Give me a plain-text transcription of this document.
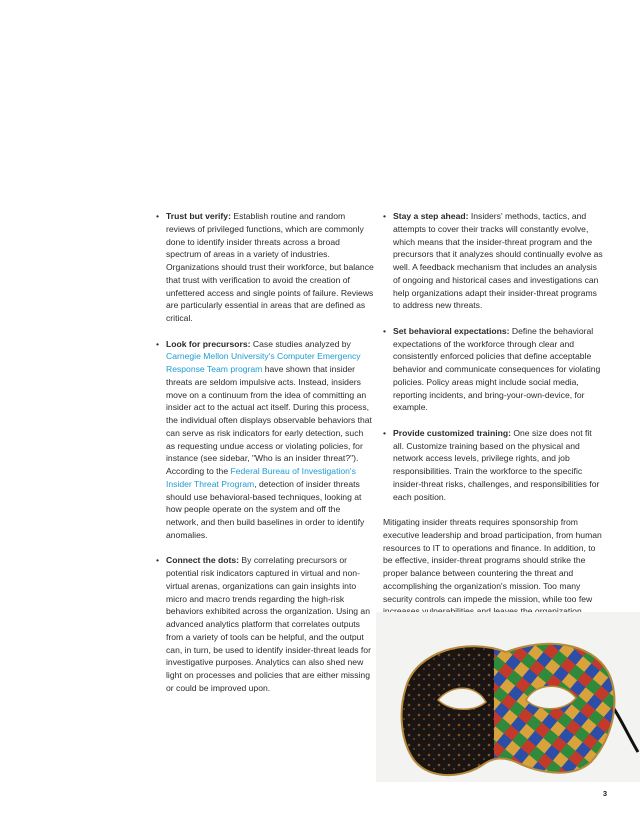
• Trust but verify: Establish routine and random reviews of privileged functions, which are commonly done to identify insider threats across a broad spectrum of areas in a variety of industries. Organizations should trust their workforce, but balance that trust with verification to avoid the creation of unfettered access and single points of failure. Reviews are particularly essential in areas that are defined as critical.
• Look for precursors: Case studies analyzed by Carnegie Mellon University's Computer Emergency Response Team program have shown that insider threats are seldom impulsive acts. Instead, insiders move on a continuum from the idea of committing an insider act to the actual act itself. During this process, the individual often displays observable behaviors that can serve as risk indicators for early detection, such as requesting undue access or violating policies, for instance (see sidebar, "Who is an insider threat?"). According to the Federal Bureau of Investigation's Insider Threat Program, detection of insider threats should use behavioral-based techniques, looking at how people operate on the system and off the network, and then build baselines in order to identify anomalies.
• Connect the dots: By correlating precursors or potential risk indicators captured in virtual and non-virtual arenas, organizations can gain insights into micro and macro trends regarding the high-risk behaviors exhibited across the organization. Using an advanced analytics platform that correlates outputs from a variety of tools can be helpful, and the output can, in turn, be used to identify insider-threat leads for investigative purposes. Analytics can also shed new light on processes and policies that are either missing or could be improved upon.
• Stay a step ahead: Insiders' methods, tactics, and attempts to cover their tracks will constantly evolve, which means that the insider-threat program and the precursors that it analyzes should continually evolve as well. A feedback mechanism that includes an analysis of ongoing and historical cases and investigations can help organizations adapt their insider-threat programs to address new threats.
• Set behavioral expectations: Define the behavioral expectations of the workforce through clear and consistently enforced policies that define acceptable behavior and communicate consequences for violating policies. Policy areas might include social media, reporting incidents, and bring-your-own-device, for example.
• Provide customized training: One size does not fit all. Customize training based on the physical and network access levels, privilege rights, and job responsibilities. Train the workforce to the specific insider-threat risks, challenges, and responsibilities for each position.

Mitigating insider threats requires sponsorship from executive leadership and broad participation, from human resources to IT to operations and finance. In addition, to be effective, insider-threat programs should strike the proper balance between countering the threat and accomplishing the organization's mission. Too many security controls can impede the mission, while too few

3
